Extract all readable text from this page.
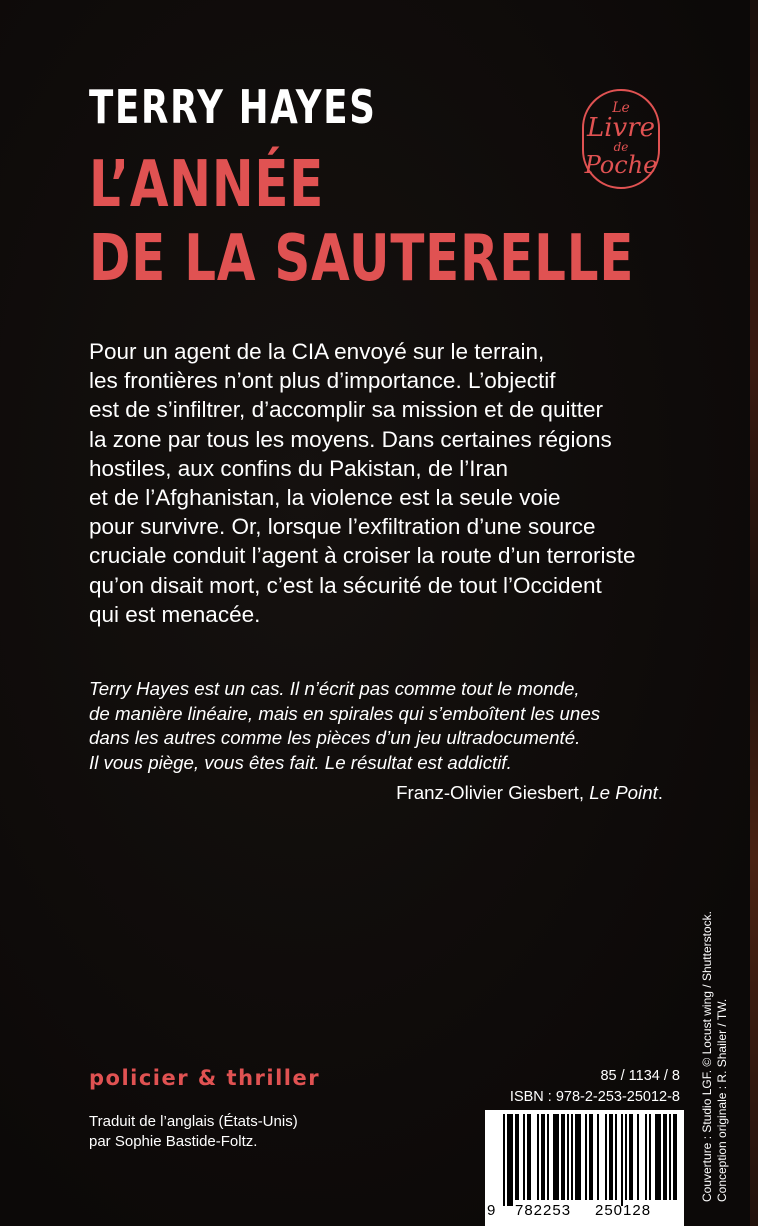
TERRY HAYES
L’ANNÉE
DE LA SAUTERELLE
Le
Livre
de
Poche

Pour un agent de la CIA envoyé sur le terrain,
les frontières n’ont plus d’importance. L’objectif
est de s’infiltrer, d’accomplir sa mission et de quitter
la zone par tous les moyens. Dans certaines régions
hostiles, aux confins du Pakistan, de l’Iran
et de l’Afghanistan, la violence est la seule voie
pour survivre. Or, lorsque l’exfiltration d’une source
cruciale conduit l’agent à croiser la route d’un terroriste
qu’on disait mort, c’est la sécurité de tout l’Occident
qui est menacée.

Terry Hayes est un cas. Il n’écrit pas comme tout le monde,
de manière linéaire, mais en spirales qui s’emboîtent les unes
dans les autres comme les pièces d’un jeu ultradocumenté.
Il vous piège, vous êtes fait. Le résultat est addictif.

Franz-Olivier Giesbert, Le Point.

policier & thriller

Traduit de l’anglais (États-Unis)
par Sophie Bastide-Foltz.

85 / 1134 / 8

ISBN : 978-2-253-25012-8

9 782253 250128

Couverture : Studio LGF. © Locust wing / Shutterstock. Conception originale : R. Shailer / TW.
